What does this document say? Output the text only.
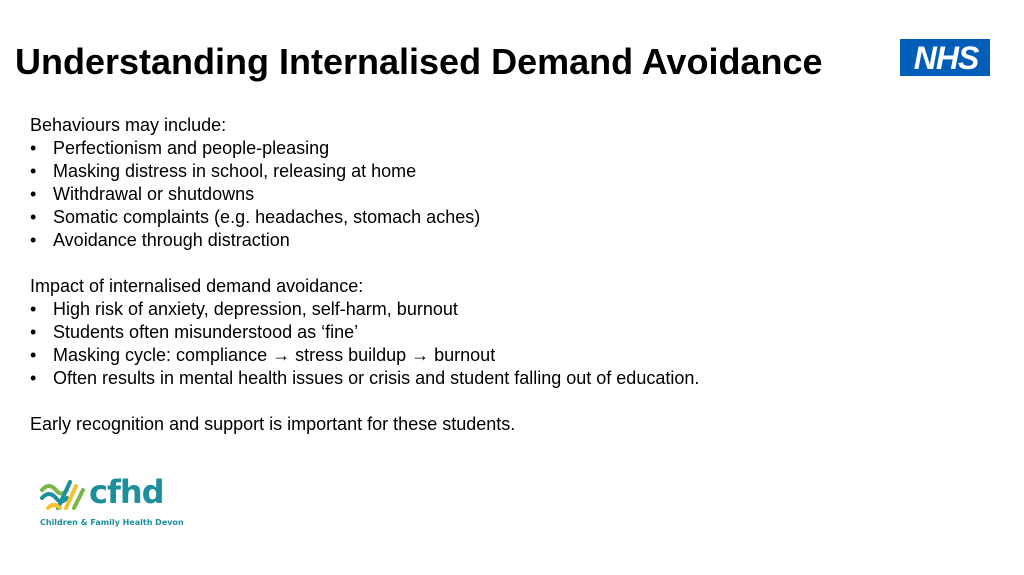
Understanding Internalised Demand Avoidance	NHS

Behaviours may include:

• Perfectionism and people-pleasing
• Masking distress in school, releasing at home
• Withdrawal or shutdowns
• Somatic complaints (e.g. headaches, stomach aches)
• Avoidance through distraction

Impact of internalised demand avoidance:

• High risk of anxiety, depression, self-harm, burnout
• Students often misunderstood as ‘fine’
• Masking cycle: compliance → stress buildup → burnout
• Often results in mental health issues or crisis and student falling out of education.

Early recognition and support is important for these students.

cfhd
Children & Family Health Devon
